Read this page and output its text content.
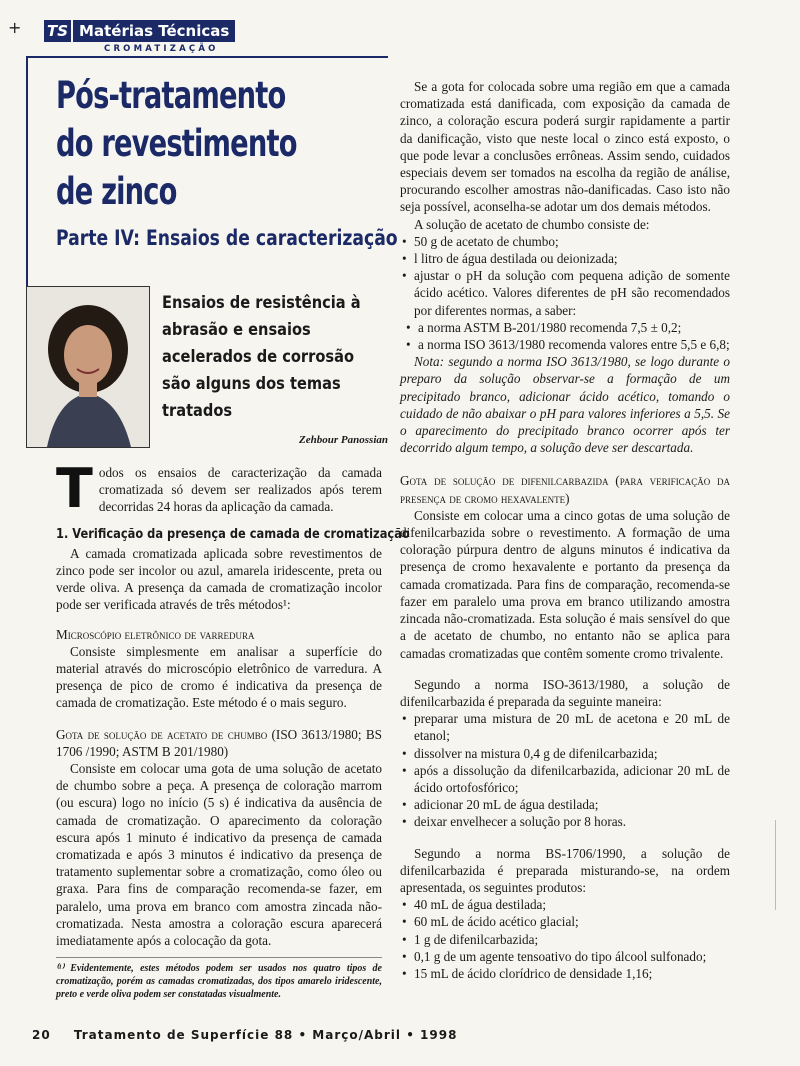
+ TS Matérias Técnicas
CROMATIZAÇÃO
Pós-tratamento
do revestimento
de zinco
Parte IV: Ensaios de caracterização
Ensaios de resistência à abrasão e ensaios acelerados de corrosão são alguns dos temas tratados
Zehbour Panossian

T odos os ensaios de caracterização da camada cromatizada só devem ser realizados após terem decorridas 24 horas da aplicação da camada.

1. Verificação da presença de camada de cromatização

A camada cromatizada aplicada sobre revestimentos de zinco pode ser incolor ou azul, amarela iridescente, preta ou verde oliva. A presença da camada de cromatização incolor pode ser verificada através de três métodos¹:

Microscópio eletrônico de varredura

Consiste simplesmente em analisar a superfície do material através do microscópio eletrônico de varredura. A presença de pico de cromo é indicativa da presença de camada de cromatização. Este método é o mais seguro.

Gota de solução de acetato de chumbo (ISO 3613/1980; BS 1706 /1990; ASTM B 201/1980)

Consiste em colocar uma gota de uma solução de acetato de chumbo sobre a peça. A presença de coloração marrom (ou escura) logo no início (5 s) é indicativa da ausência de camada de cromatização. O aparecimento da coloração escura após 1 minuto é indicativo da presença de camada cromatizada e após 3 minutos é indicativo da presença de tratamento suplementar sobre a cromatização, como óleo ou graxa. Para fins de comparação recomenda-se fazer, em paralelo, uma prova em branco com amostra zincada não-cromatizada. Nesta amostra a coloração escura aparecerá imediatamente após a colocação da gota.

⁽¹⁾ Evidentemente, estes métodos podem ser usados nos quatro tipos de cromatização, porém as camadas cromatizadas, dos tipos amarelo iridescente, preto e verde oliva podem ser constatadas visualmente.

Se a gota for colocada sobre uma região em que a camada cromatizada está danificada, com exposição da camada de zinco, a coloração escura poderá surgir rapidamente a partir da danificação, visto que neste local o zinco está exposto, o que pode levar a conclusões errôneas. Assim sendo, cuidados especiais devem ser tomados na escolha da região de análise, procurando escolher amostras não-danificadas. Caso isto não seja possível, aconselha-se adotar um dos demais métodos.

A solução de acetato de chumbo consiste de:

• 50 g de acetato de chumbo;
• l litro de água destilada ou deionizada;
• ajustar o pH da solução com pequena adição de somente ácido acético. Valores diferentes de pH são recomendados por diferentes normas, a saber:
• a norma ASTM B-201/1980 recomenda 7,5 ± 0,2;
• a norma ISO 3613/1980 recomenda valores entre 5,5 e 6,8;

Nota: segundo a norma ISO 3613/1980, se logo durante o preparo da solução observar-se a formação de um precipitado branco, adicionar ácido acético, tomando o cuidado de não abaixar o pH para valores inferiores a 5,5. Se o aparecimento do precipitado branco ocorrer após ter decorrido algum tempo, a solução deve ser descartada.

Gota de solução de difenilcarbazida (para verificação da presença de cromo hexavalente)

Consiste em colocar uma a cinco gotas de uma solução de difenilcarbazida sobre o revestimento. A formação de uma coloração púrpura dentro de alguns minutos é indicativa da presença de cromo hexavalente e portanto da presença da camada cromatizada. Para fins de comparação, recomenda-se fazer em paralelo uma prova em branco utilizando amostra zincada não-cromatizada. Esta solução é mais sensível do que a de acetato de chumbo, no entanto não se aplica para camadas cromatizadas que contêm somente cromo trivalente.

Segundo a norma ISO-3613/1980, a solução de difenilcarbazida é preparada da seguinte maneira:

• preparar uma mistura de 20 mL de acetona e 20 mL de etanol;
• dissolver na mistura 0,4 g de difenilcarbazida;
• após a dissolução da difenilcarbazida, adicionar 20 mL de ácido ortofosfórico;
• adicionar 20 mL de água destilada;
• deixar envelhecer a solução por 8 horas.

Segundo a norma BS-1706/1990, a solução de difenilcarbazida é preparada misturando-se, na ordem apresentada, os seguintes produtos:

• 40 mL de água destilada;
• 60 mL de ácido acético glacial;
• 1 g de difenilcarbazida;
• 0,1 g de um agente tensoativo do tipo álcool sulfonado;
• 15 mL de ácido clorídrico de densidade 1,16;
20 Tratamento de Superfície 88 • Março/Abril • 1998
